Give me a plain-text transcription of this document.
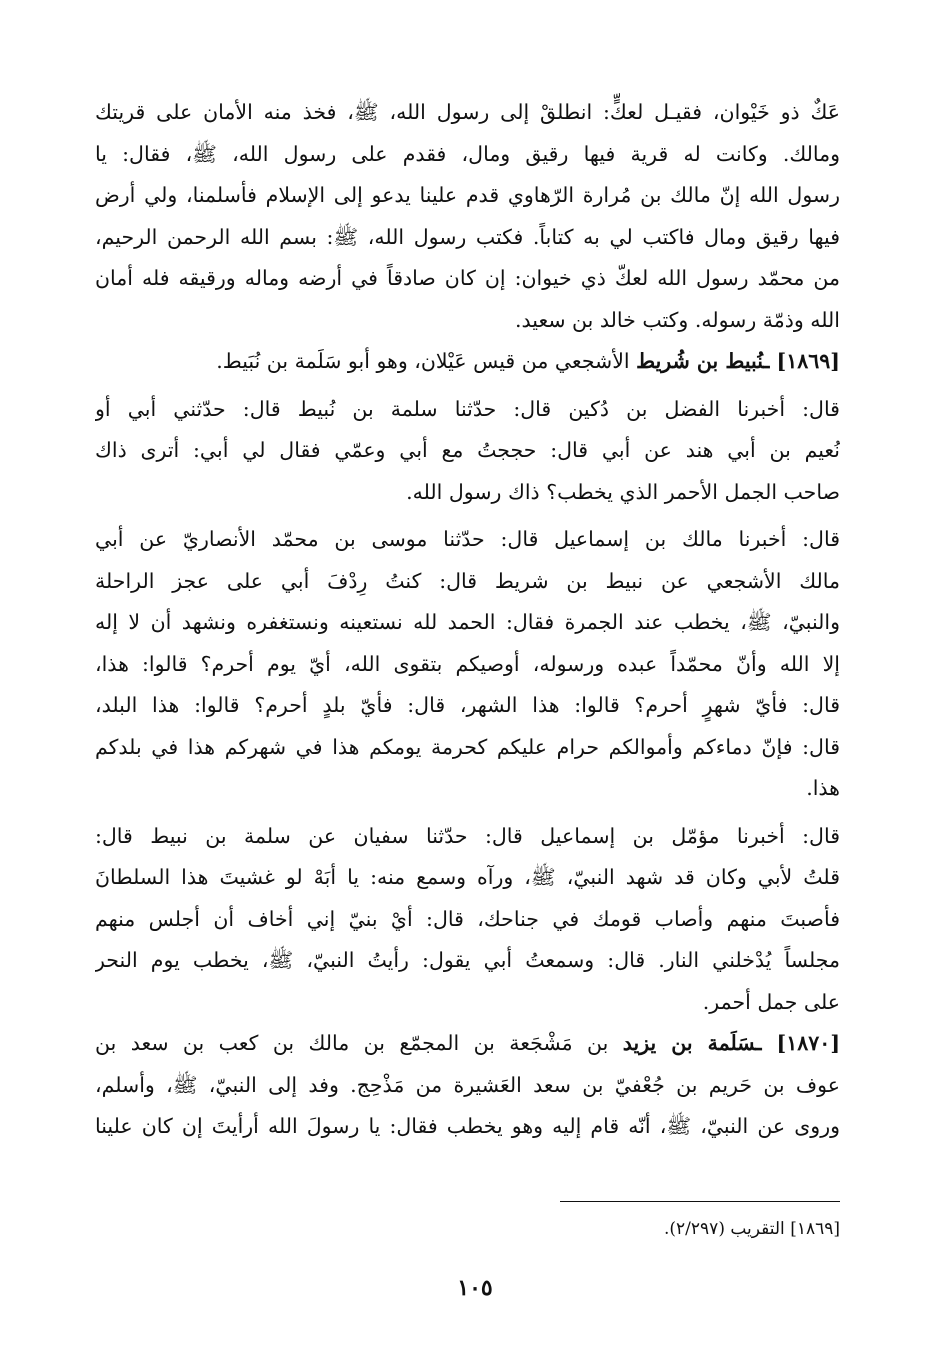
عَكٌ ذو خَيْوان، فقيـل لعكٍّ: انطلقْ إلى رسول الله، ﷺ، فخذ منه الأمان على قريتك
ومالك. وكانت له قرية فيها رقيق ومال، فقدم على رسول الله، ﷺ، فقال: يا
رسول الله إنّ مالك بن مُرارة الرّهاوي قدم علينا يدعو إلى الإسلام فأسلمنا، ولي أرض
فيها رقيق ومال فاكتب لي به كتاباً. فكتب رسول الله، ﷺ: بسم الله الرحمن الرحيم،
من محمّد رسول الله لعكّ ذي خيوان: إن كان صادقاً في أرضه وماله ورقيقه فله أمان
الله وذمّة رسوله. وكتب خالد بن سعيد.
[١٨٦٩] ـنُبيط بن شُريط الأشجعي من قيس عَيْلان، وهو أبو سَلَمة بن نُبَيط.
قال: أخبرنا الفضل بن دُكين قال: حدّثنا سلمة بن نُبيط قال: حدّثني أبي أو
نُعيم بن أبي هند عن أبي قال: حججتُ مع أبي وعمّي فقال لي أبي: أترى ذاك
صاحب الجمل الأحمر الذي يخطب؟ ذاك رسول الله.
قال: أخبرنا مالك بن إسماعيل قال: حدّثنا موسى بن محمّد الأنصاريّ عن أبي
مالك الأشجعي عن نبيط بن شريط قال: كنتُ رِدْفَ أبي على عجز الراحلة
والنبيّ، ﷺ، يخطب عند الجمرة فقال: الحمد لله نستعينه ونستغفره ونشهد أن لا إله
إلا الله وأنّ محمّداً عبده ورسوله، أوصيكم بتقوى الله، أيّ يوم أحرم؟ قالوا: هذا،
قال: فأيّ شهرٍ أحرم؟ قالوا: هذا الشهر، قال: فأيّ بلدٍ أحرم؟ قالوا: هذا البلد،
قال: فإنّ دماءكم وأموالكم حرام عليكم كحرمة يومكم هذا في شهركم هذا في بلدكم
هذا.
قال: أخبرنا مؤمّل بن إسماعيل قال: حدّثنا سفيان عن سلمة بن نبيط قال:
قلتُ لأبي وكان قد شهد النبيّ، ﷺ، ورآه وسمع منه: يا أبَهْ لو غشيتَ هذا السلطانَ
فأصبتَ منهم وأصاب قومك في جناحك، قال: أيْ بنيّ إني أخاف أن أجلس منهم
مجلساً يُدْخلني النار. قال: وسمعتُ أبي يقول: رأيتُ النبيّ، ﷺ، يخطب يوم النحر
على جمل أحمر.
[١٨٧٠] ـسَلَمة بن يزيد بن مَشْجَعة بن المجمّع بن مالك بن كعب بن سعد بن
عوف بن حَريم بن جُعْفيّ بن سعد العَشيرة من مَذْحِج. وفد إلى النبيّ، ﷺ، وأسلم،
وروى عن النبيّ، ﷺ، أنّه قام إليه وهو يخطب فقال: يا رسولَ الله أرأيتَ إن كان علينا
[١٨٦٩] التقريب (٢/٢٩٧).
١٠٥
